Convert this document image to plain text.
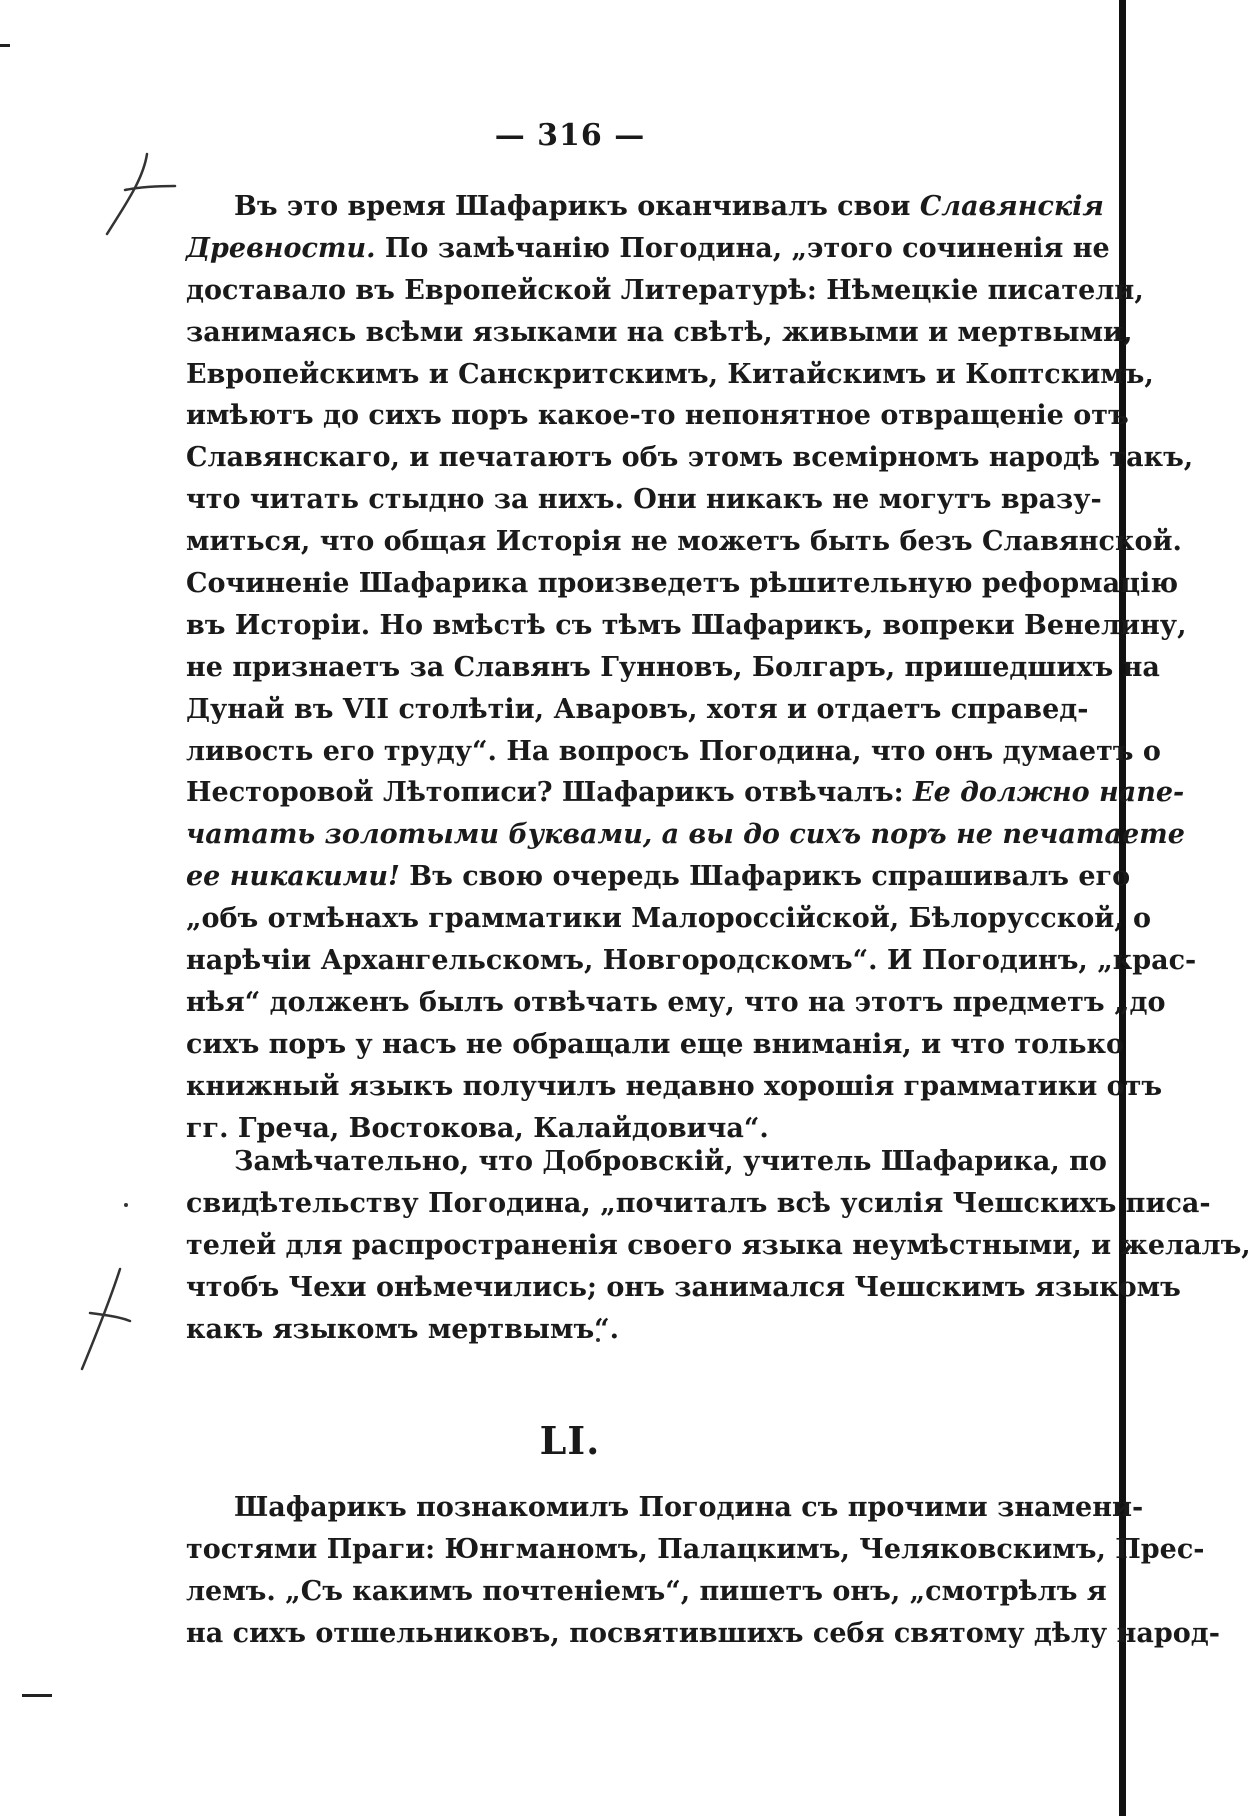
— 316 —
Въ это время Шафарикъ оканчивалъ свои Славянскія
Древности. По замѣчанію Погодина, „этого сочиненія не
доставало въ Европейской Литературѣ: Нѣмецкіе писатели,
занимаясь всѣми языками на свѣтѣ, живыми и мертвыми,
Европейскимъ и Санскритскимъ, Китайскимъ и Коптскимъ,
имѣютъ до сихъ поръ какое-то непонятное отвращеніе отъ
Славянскаго, и печатаютъ объ этомъ всемірномъ народѣ такъ,
что читать стыдно за нихъ. Они никакъ не могутъ вразу-
миться, что общая Исторія не можетъ быть безъ Славянской.
Сочиненіе Шафарика произведетъ рѣшительную реформацію
въ Исторіи. Но вмѣстѣ съ тѣмъ Шафарикъ, вопреки Венелину,
не признаетъ за Славянъ Гунновъ, Болгаръ, пришедшихъ на
Дунай въ VII столѣтіи, Аваровъ, хотя и отдаетъ справед-
ливость его труду“. На вопросъ Погодина, что онъ думаетъ о
Несторовой Лѣтописи? Шафарикъ отвѣчалъ: Ее должно напе-
чатать золотыми буквами, а вы до сихъ поръ не печатаете
ее никакими! Въ свою очередь Шафарикъ спрашивалъ его
„объ отмѣнахъ грамматики Малороссійской, Бѣлорусской, о
нарѣчіи Архангельскомъ, Новгородскомъ“. И Погодинъ, „крас-
нѣя“ долженъ былъ отвѣчать ему, что на этотъ предметъ „до
сихъ поръ у насъ не обращали еще вниманія, и что только
книжный языкъ получилъ недавно хорошія грамматики отъ
гг. Греча, Востокова, Калайдовича“.
Замѣчательно, что Добровскій, учитель Шафарика, по
свидѣтельству Погодина, „почиталъ всѣ усилія Чешскихъ писа-
телей для распространенія своего языка неумѣстными, и желалъ,
чтобъ Чехи онѣмечились; онъ занимался Чешскимъ языкомъ
какъ языкомъ мертвымъ“.
LI.
Шафарикъ познакомилъ Погодина съ прочими знамени-
тостями Праги: Юнгманомъ, Палацкимъ, Челяковскимъ, Прес-
лемъ. „Съ какимъ почтеніемъ“, пишетъ онъ, „смотрѣлъ я
на сихъ отшельниковъ, посвятившихъ себя святому дѣлу народ-
